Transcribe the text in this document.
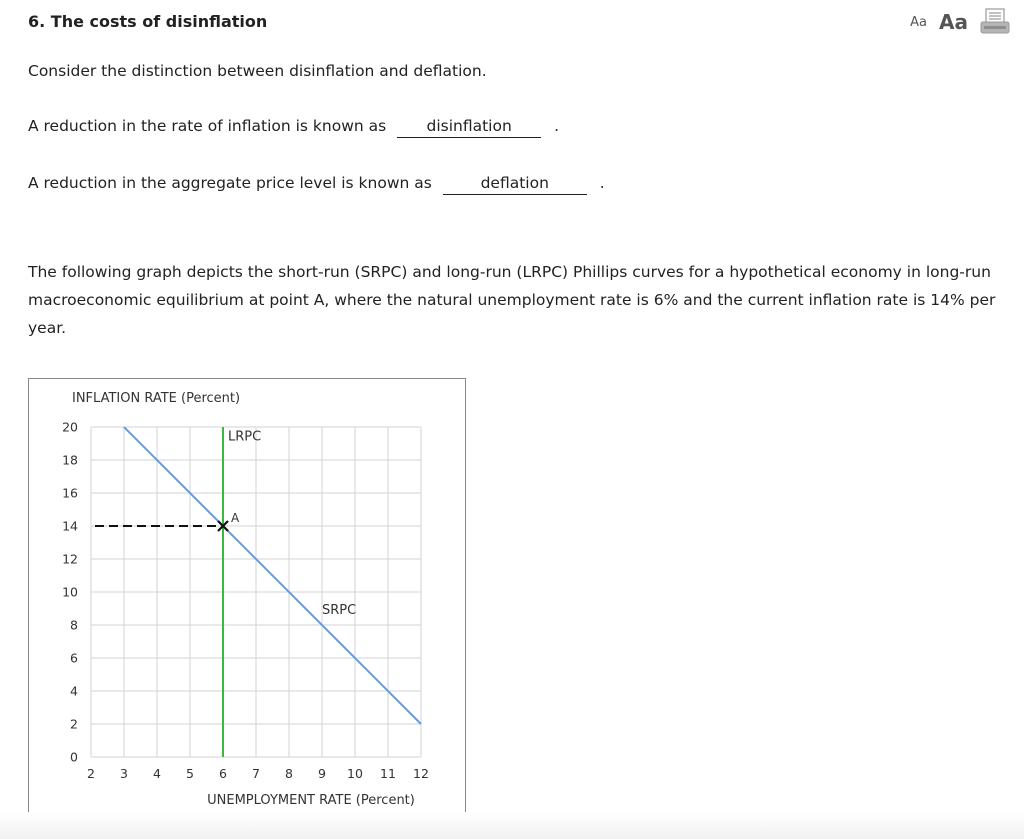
6. The costs of disinflation	Aa Aa
Consider the distinction between disinflation and deflation.
A reduction in the rate of inflation is known as	disinflation	.
A reduction in the aggregate price level is known as	deflation	.
The following graph depicts the short-run (SRPC) and long-run (LRPC) Phillips curves for a hypothetical economy in long-run macroeconomic equilibrium at point A, where the natural unemployment rate is 6% and the current inflation rate is 14% per year.
0
2
4
6
8
10
12
14
16
18
20
2 3 4 5 6 7 8 9 10 11 12
INFLATION RATE (Percent)
UNEMPLOYMENT RATE (Percent)
LRPC
SRPC
A
